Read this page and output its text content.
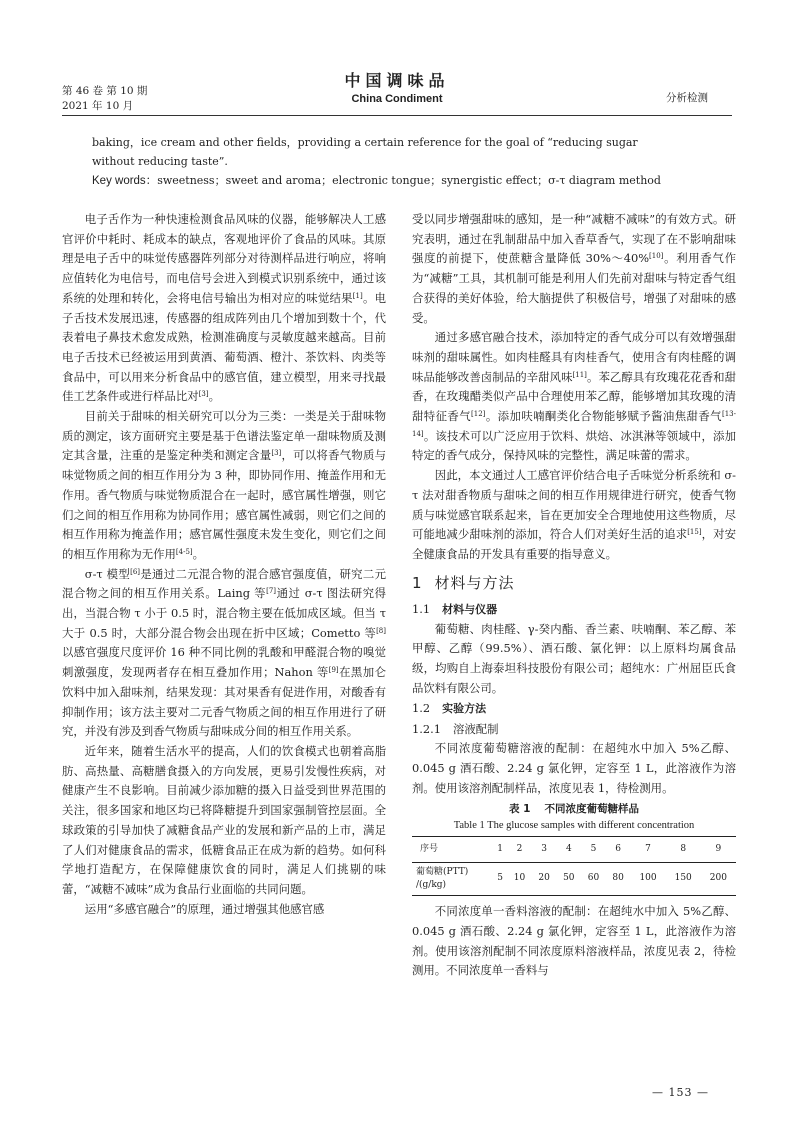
第 46 卷 第 10 期
2021 年 10 月
中国调味品
China Condiment	分析检测

baking，ice cream and other fields，providing a certain reference for the goal of “reducing sugar

without reducing taste”.

Key words：sweetness；sweet and aroma；electronic tongue；synergistic effect；σ-τ diagram method

电子舌作为一种快速检测食品风味的仪器，能够解决人工感官评价中耗时、耗成本的缺点，客观地评价了食品的风味。其原理是电子舌中的味觉传感器阵列部分对待测样品进行响应，将响应值转化为电信号，而电信号会进入到模式识别系统中，通过该系统的处理和转化，会将电信号输出为相对应的味觉结果[1]。电子舌技术发展迅速，传感器的组成阵列由几个增加到数十个，代表着电子鼻技术愈发成熟，检测准确度与灵敏度越来越高。目前电子舌技术已经被运用到黄酒、葡萄酒、橙汁、茶饮料、肉类等食品中，可以用来分析食品中的感官值，建立模型，用来寻找最佳工艺条件或进行样品比对[3]。

目前关于甜味的相关研究可以分为三类：一类是关于甜味物质的测定，该方面研究主要是基于色谱法鉴定单一甜味物质及测定其含量，注重的是鉴定种类和测定含量[3]，可以将香气物质与味觉物质之间的相互作用分为 3 种，即协同作用、掩盖作用和无作用。香气物质与味觉物质混合在一起时，感官属性增强，则它们之间的相互作用称为协同作用；感官属性减弱，则它们之间的相互作用称为掩盖作用；感官属性强度未发生变化，则它们之间的相互作用称为无作用[4-5]。

σ-τ 模型[6]是通过二元混合物的混合感官强度值，研究二元混合物之间的相互作用关系。Laing 等[7]通过 σ-τ 图法研究得出，当混合物 τ 小于 0.5 时，混合物主要在低加成区域。但当 τ 大于 0.5 时，大部分混合物会出现在折中区域；Cometto 等[8]以感官强度尺度评价 16 种不同比例的乳酸和甲醛混合物的嗅觉刺激强度，发现两者存在相互叠加作用；Nahon 等[9]在黑加仑饮料中加入甜味剂，结果发现：其对果香有促进作用，对酸香有抑制作用；该方法主要对二元香气物质之间的相互作用进行了研究，并没有涉及到香气物质与甜味成分间的相互作用关系。

近年来，随着生活水平的提高，人们的饮食模式也朝着高脂肪、高热量、高糖膳食摄入的方向发展，更易引发慢性疾病，对健康产生不良影响。目前减少添加糖的摄入日益受到世界范围的关注，很多国家和地区均已将降糖提升到国家强制管控层面。全球政策的引导加快了减糖食品产业的发展和新产品的上市，满足了人们对健康食品的需求，低糖食品正在成为新的趋势。如何科学地打造配方，在保障健康饮食的同时，满足人们挑剔的味蕾，“减糖不减味”成为食品行业面临的共同问题。

运用“多感官融合”的原理，通过增强其他感官感

受以同步增强甜味的感知，是一种“减糖不减味”的有效方式。研究表明，通过在乳制甜品中加入香草香气，实现了在不影响甜味强度的前提下，使蔗糖含量降低 30%～40%[10]。利用香气作为“减糖”工具，其机制可能是利用人们先前对甜味与特定香气组合获得的美好体验，给大脑提供了积极信号，增强了对甜味的感受。

通过多感官融合技术，添加特定的香气成分可以有效增强甜味剂的甜味属性。如肉桂醛具有肉桂香气，使用含有肉桂醛的调味品能够改善卤制品的辛甜风味[11]。苯乙醇具有玫瑰花花香和甜香，在玫瑰醋类似产品中合理使用苯乙醇，能够增加其玫瑰的清甜特征香气[12]。添加呋喃酮类化合物能够赋予酱油焦甜香气[13-14]。该技术可以广泛应用于饮料、烘焙、冰淇淋等领域中，添加特定的香气成分，保持风味的完整性，满足味蕾的需求。

因此，本文通过人工感官评价结合电子舌味觉分析系统和 σ-τ 法对甜香物质与甜味之间的相互作用规律进行研究，使香气物质与味觉感官联系起来，旨在更加安全合理地使用这些物质，尽可能地减少甜味剂的添加，符合人们对美好生活的追求[15]，对安全健康食品的开发具有重要的指导意义。

1 材料与方法
1.1 材料与仪器

葡萄糖、肉桂醛、γ-癸内酯、香兰素、呋喃酮、苯乙醇、苯甲醇、乙醇（99.5%）、酒石酸、氯化钾：以上原料均属食品级，均购自上海泰坦科技股份有限公司；超纯水：广州屈臣氏食品饮料有限公司。

1.2 实验方法
1.2.1 溶液配制

不同浓度葡萄糖溶液的配制：在超纯水中加入 5%乙醇、0.045 g 酒石酸、2.24 g 氯化钾，定容至 1 L，此溶液作为溶剂。使用该溶剂配制样品，浓度见表 1，待检测用。

表 1 不同浓度葡萄糖样品
Table 1 The glucose samples with different concentration
序号	1	2	3	4	5	6	7	8	9

葡萄糖(PTT)
/(g/kg)	5	10	20	50	60	80	100	150	200

不同浓度单一香料溶液的配制：在超纯水中加入 5%乙醇、0.045 g 酒石酸、2.24 g 氯化钾，定容至 1 L，此溶液作为溶剂。使用该溶剂配制不同浓度原料溶液样品，浓度见表 2，待检测用。不同浓度单一香料与

— 153 —
